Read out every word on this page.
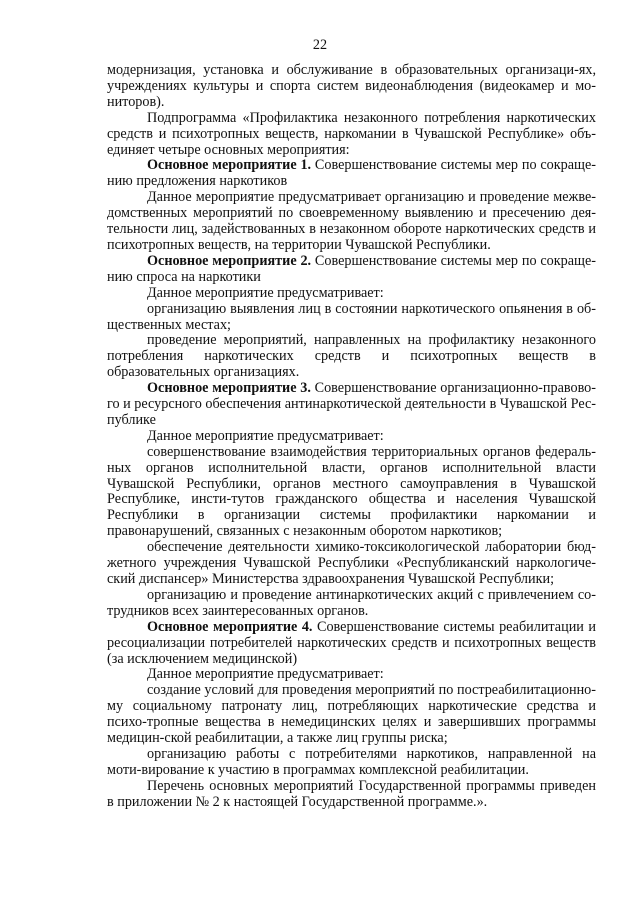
22

модернизация, установка и обслуживание в образовательных организаци-ях, учреждениях культуры и спорта систем видеонаблюдения (видеокамер и мо-ниторов).

Подпрограмма «Профилактика незаконного потребления наркотических средств и психотропных веществ, наркомании в Чувашской Республике» объ-единяет четыре основных мероприятия:

Основное мероприятие 1. Совершенствование системы мер по сокраще-нию предложения наркотиков

Данное мероприятие предусматривает организацию и проведение межве-домственных мероприятий по своевременному выявлению и пресечению дея-тельности лиц, задействованных в незаконном обороте наркотических средств и психотропных веществ, на территории Чувашской Республики.

Основное мероприятие 2. Совершенствование системы мер по сокраще-нию спроса на наркотики

Данное мероприятие предусматривает:

организацию выявления лиц в состоянии наркотического опьянения в об-щественных местах;

проведение мероприятий, направленных на профилактику незаконного потребления наркотических средств и психотропных веществ в образовательных организациях.

Основное мероприятие 3. Совершенствование организационно-правово-го и ресурсного обеспечения антинаркотической деятельности в Чувашской Рес-публике

Данное мероприятие предусматривает:

совершенствование взаимодействия территориальных органов федераль-ных органов исполнительной власти, органов исполнительной власти Чувашской Республики, органов местного самоуправления в Чувашской Республике, инсти-тутов гражданского общества и населения Чувашской Республики в организации системы профилактики наркомании и правонарушений, связанных с незаконным оборотом наркотиков;

обеспечение деятельности химико-токсикологической лаборатории бюд-жетного учреждения Чувашской Республики «Республиканский наркологиче-ский диспансер» Министерства здравоохранения Чувашской Республики;

организацию и проведение антинаркотических акций с привлечением со-трудников всех заинтересованных органов.

Основное мероприятие 4. Совершенствование системы реабилитации и ресоциализации потребителей наркотических средств и психотропных веществ (за исключением медицинской)

Данное мероприятие предусматривает:

создание условий для проведения мероприятий по постреабилитационно-му социальному патронату лиц, потребляющих наркотические средства и психо-тропные вещества в немедицинских целях и завершивших программы медицин-ской реабилитации, а также лиц группы риска;

организацию работы с потребителями наркотиков, направленной на моти-вирование к участию в программах комплексной реабилитации.

Перечень основных мероприятий Государственной программы приведен в приложении № 2 к настоящей Государственной программе.».
